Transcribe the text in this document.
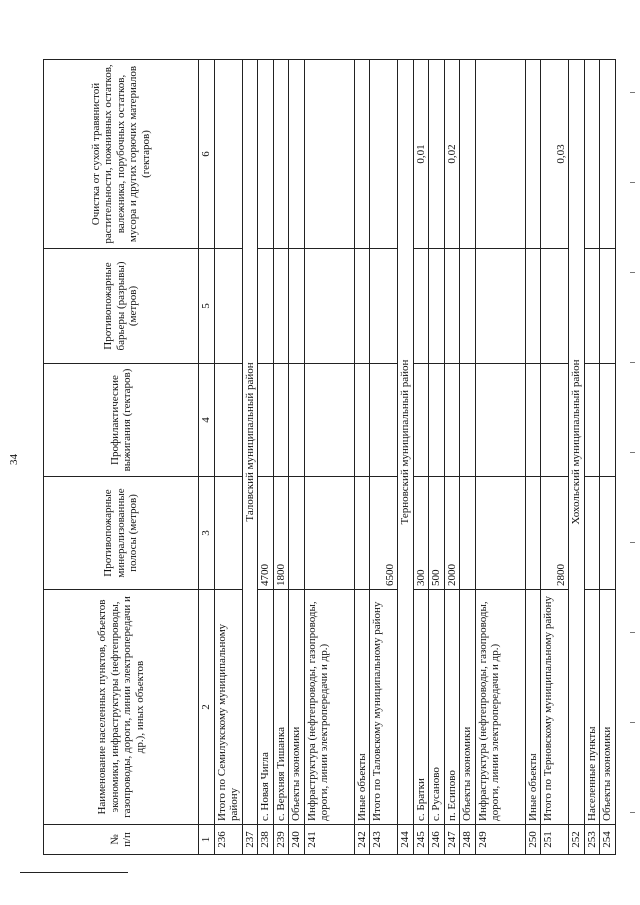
34
№
п/п	Наименование населенных пунктов, объектов экономики, инфраструктуры (нефтепроводы, газопроводы, дороги, линии электропередачи и др.), иных объектов	Противопожарные минерализованные полосы (метров)	Профилактические выжигания (гектаров)	Противопожарные барьеры (разрывы) (метров)	Очистка от сухой травянистой растительности, пожнивных остатков, валежника, порубочных остатков, мусора и других горючих материалов (гектаров)
1	2	3	4	5	6
236	Итого по Семилукскому муниципальному району				
237	Таловский муниципальный район				
238	с. Новая Чигла	4700			
239	с. Верхняя Тишанка	1800			
240	Объекты экономики				
241	Инфраструктура (нефтепроводы, газопроводы, дороги, линии электропередачи и др.)				
242	Иные объекты				
243	Итого по Таловскому муниципальному району	6500			
244	Терновский муниципальный район				
245	с. Братки	300			0,01
246	с. Русаново	500			
247	п. Есипово	2000			0,02
248	Объекты экономики				
249	Инфраструктура (нефтепроводы, газопроводы, дороги, линии электропередачи и др.)				
250	Иные объекты				
251	Итого по Терновскому муниципальному району	2800			0,03
252	Хохольский муниципальный район				
253	Населенные пункты				
254	Объекты экономики				
